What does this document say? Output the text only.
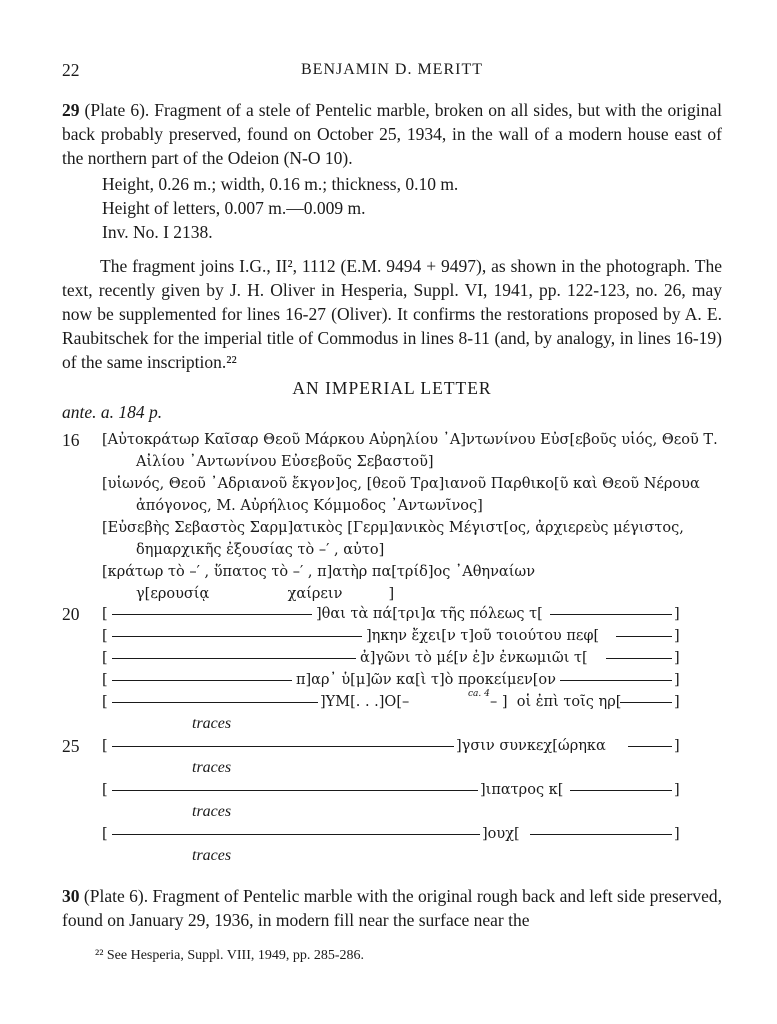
22	BENJAMIN D. MERITT
29 (Plate 6). Fragment of a stele of Pentelic marble, broken on all sides, but with the original back probably preserved, found on October 25, 1934, in the wall of a modern house east of the northern part of the Odeion (N-O 10).
Height, 0.26 m.; width, 0.16 m.; thickness, 0.10 m.
Height of letters, 0.007 m.—0.009 m.
Inv. No. I 2138.
The fragment joins I.G., II², 1112 (E.M. 9494 + 9497), as shown in the photograph. The text, recently given by J. H. Oliver in Hesperia, Suppl. VI, 1941, pp. 122-123, no. 26, may now be supplemented for lines 16-27 (Oliver). It confirms the restorations proposed by A. E. Raubitschek for the imperial title of Commodus in lines 8-11 (and, by analogy, in lines 16-19) of the same inscription.²²
AN IMPERIAL LETTER
ante. a. 184 p.
16
20
25
[Αὐτοκράτωρ Καῖσαρ Θεοῦ Μάρκου Αὐρηλίου ᾿Α]ντωνίνου Εὐσ[εβοῦς υἱός, Θεοῦ Τ.
Αἰλίου ᾿Αντωνίνου Εὐσεβοῦς Σεβαστοῦ]
[υἱωνός, Θεοῦ ᾿Αδριανοῦ ἔκγον]ος, [θεοῦ Τρα]ιανοῦ Παρθικο[ῦ καὶ Θεοῦ Νέρουα
ἀπόγονος, Μ. Αὐρήλιος Κόμμοδος ᾿Αντωνῖνος]
[Εὐσεβὴς Σεβαστὸς Σαρμ]ατικὸς [Γερμ]ανικὸς Μέγιστ[ος, ἀρχιερεὺς μέγιστος,
δημαρχικῆς ἐξουσίας τὸ –′ , αὐτο]
[κράτωρ τὸ –′ , ὕπατος τὸ –′ , π]ατὴρ πα[τρίδ]ος ᾿Αθηναίων
γ[ερουσίᾳ                 χαίρειν          ]
[	]θαι τὰ πά[τρι]α τῆς πόλεως τ[	]
[	]ηκην ἔχει[ν τ]οῦ τοιούτου πεφ[	]
[	ἀ]γῶνι τὸ μέ[ν ἐ]ν ἐνκωμιῶι τ[	]
[	π]αρ᾿ ὑ[μ]ῶν κα[ὶ τ]ὸ προκείμεν[ον	]
[	]ΥΜ[. . .]Ο[–	ca. 4 – ]  οἱ ἐπὶ τοῖς ηρ[	]
traces
[	]γσιν συνκεχ[ώρηκα	]
traces
[	]ιπατρος κ[	]
traces
[	]ουχ[	]
traces
30 (Plate 6). Fragment of Pentelic marble with the original rough back and left side preserved, found on January 29, 1936, in modern fill near the surface near the
²² See Hesperia, Suppl. VIII, 1949, pp. 285-286.
